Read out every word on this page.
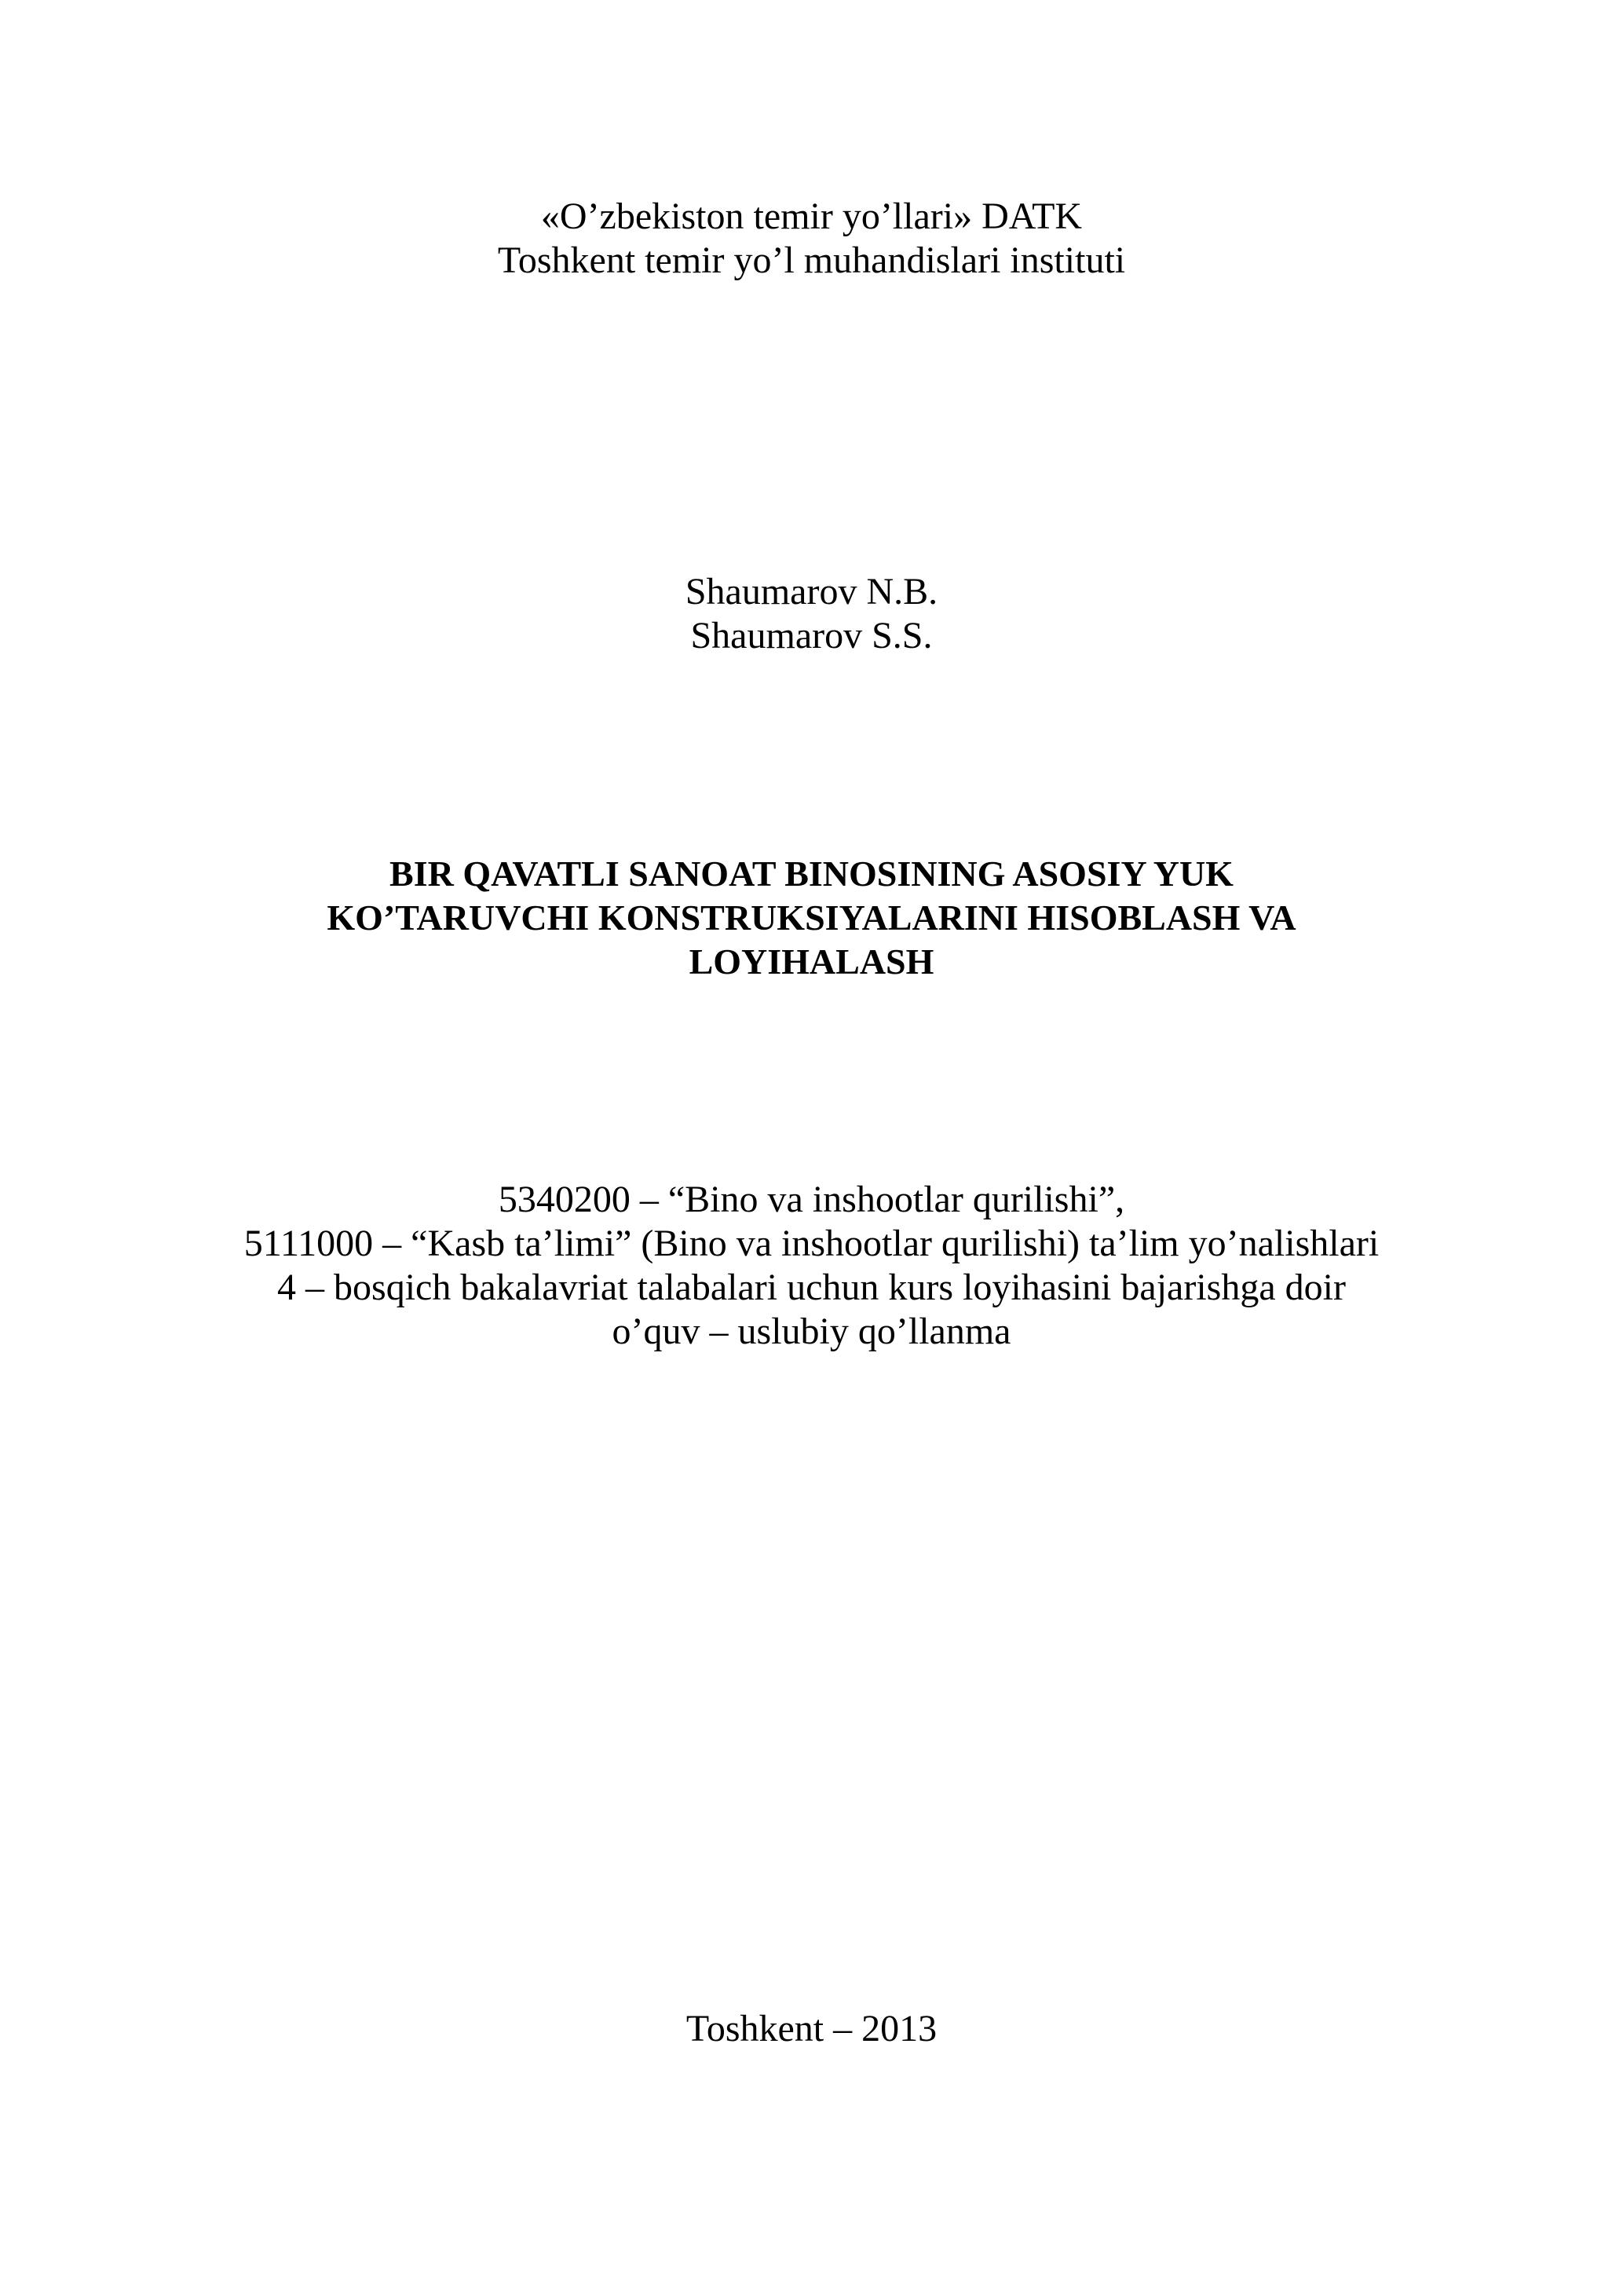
«O’zbekiston temir yo’llari» DATK
Toshkent temir yo’l muhandislari instituti
Shaumarov N.B.
Shaumarov S.S.
BIR QAVATLI SANOAT BINOSINING ASOSIY YUK
KO’TARUVCHI KONSTRUKSIYALARINI HISOBLASH VA
LOYIHALASH
5340200 – “Bino va inshootlar qurilishi”,
5111000 – “Kasb ta’limi” (Bino va inshootlar qurilishi) ta’lim yo’nalishlari
4 – bosqich bakalavriat talabalari uchun kurs loyihasini bajarishga doir
o’quv – uslubiy qo’llanma
Toshkent – 2013
